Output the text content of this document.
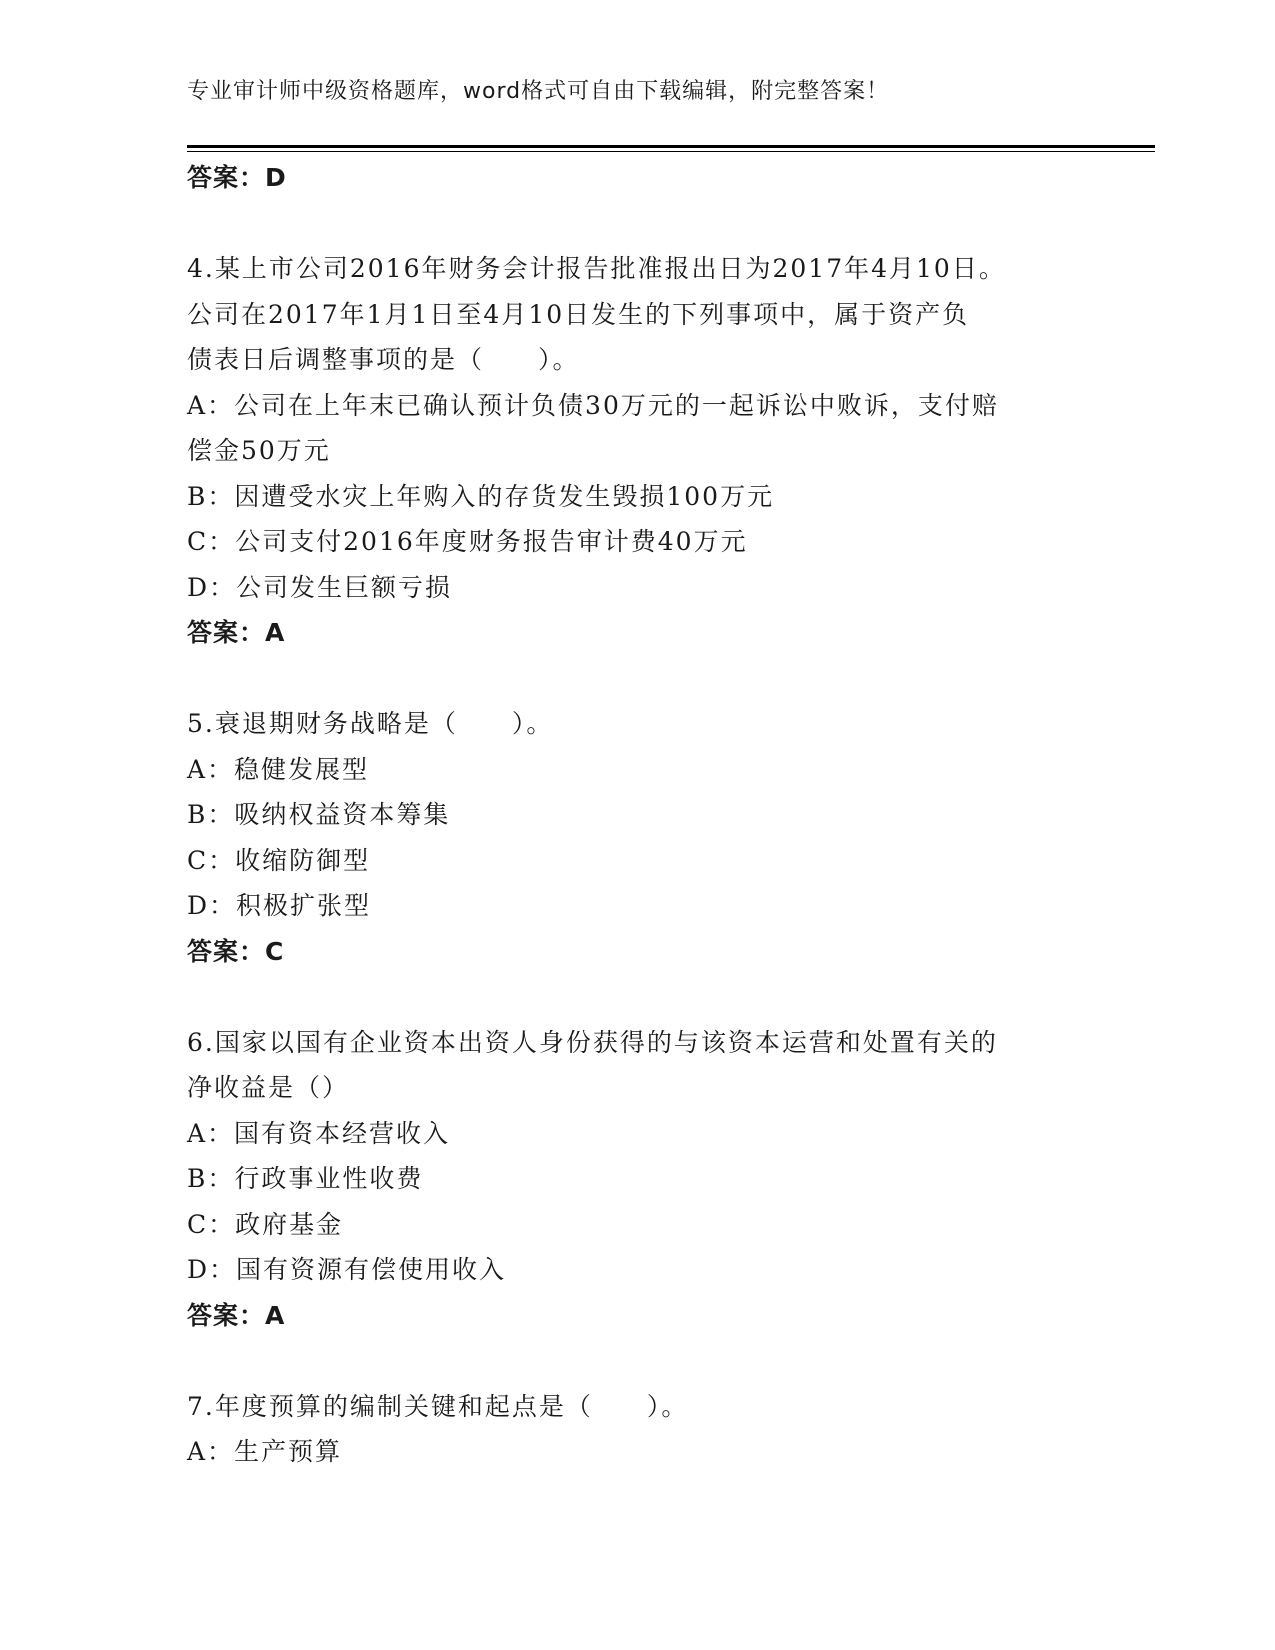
专业审计师中级资格题库，word格式可自由下载编辑，附完整答案！
答案：D
4.某上市公司2016年财务会计报告批准报出日为2017年4月10日。
公司在2017年1月1日至4月10日发生的下列事项中，属于资产负
债表日后调整事项的是（　　）。
A：公司在上年末已确认预计负债30万元的一起诉讼中败诉，支付赔
偿金50万元
B：因遭受水灾上年购入的存货发生毁损100万元
C：公司支付2016年度财务报告审计费40万元
D：公司发生巨额亏损
答案：A
5.衰退期财务战略是（　　）。
A：稳健发展型
B：吸纳权益资本筹集
C：收缩防御型
D：积极扩张型
答案：C
6.国家以国有企业资本出资人身份获得的与该资本运营和处置有关的
净收益是（）
A：国有资本经营收入
B：行政事业性收费
C：政府基金
D：国有资源有偿使用收入
答案：A
7.年度预算的编制关键和起点是（　　）。
A：生产预算
